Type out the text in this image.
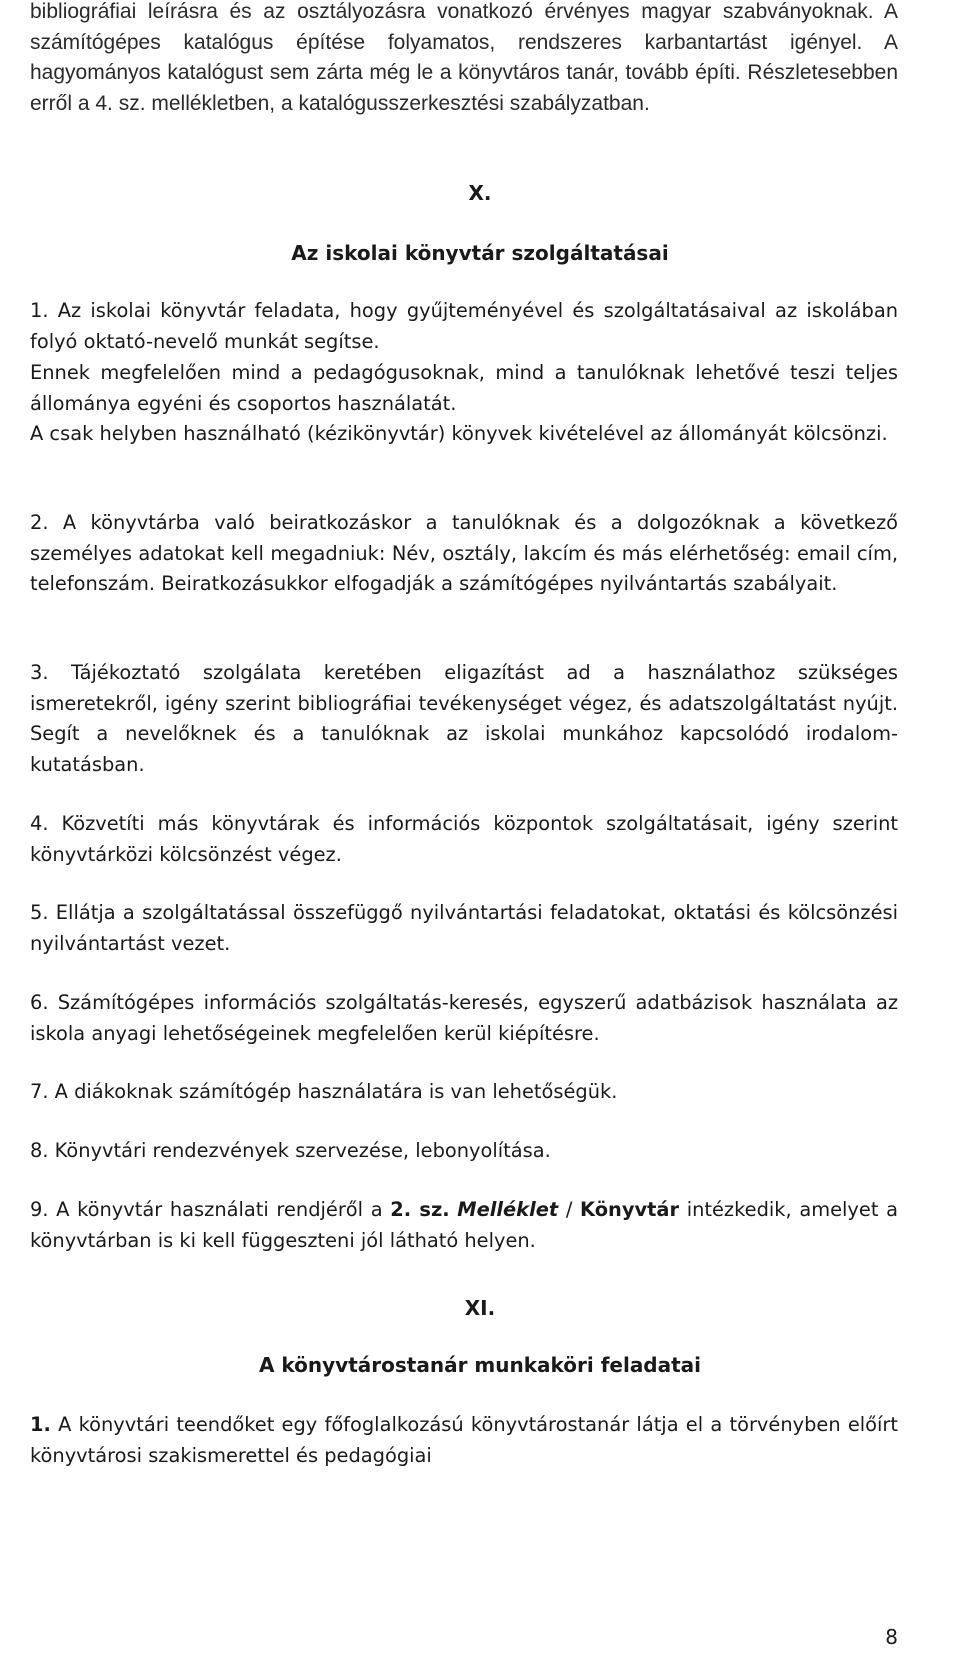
bibliográfiai leírásra és az osztályozásra vonatkozó érvényes magyar szabványoknak. A számítógépes katalógus építése folyamatos, rendszeres karbantartást igényel. A hagyományos katalógust sem zárta még le a könyvtáros tanár, tovább építi. Részletesebben erről a 4. sz. mellékletben, a katalógusszerkesztési szabályzatban.

X.

Az iskolai könyvtár szolgáltatásai

1. Az iskolai könyvtár feladata, hogy gyűjteményével és szolgáltatásaival az iskolában folyó oktató-nevelő munkát segítse.

Ennek megfelelően mind a pedagógusoknak, mind a tanulóknak lehetővé teszi teljes állománya egyéni és csoportos használatát.

A csak helyben használható (kézikönyvtár) könyvek kivételével az állományát kölcsönzi.

2. A könyvtárba való beiratkozáskor a tanulóknak és a dolgozóknak a következő személyes adatokat kell megadniuk: Név, osztály, lakcím és más elérhetőség: email cím, telefonszám. Beiratkozásukkor elfogadják a számítógépes nyilvántartás szabályait.

3. Tájékoztató szolgálata keretében eligazítást ad a használathoz szükséges ismeretekről, igény szerint bibliográfiai tevékenységet végez, és adatszolgáltatást nyújt. Segít a nevelőknek és a tanulóknak az iskolai munkához kapcsolódó irodalom-kutatásban.

4. Közvetíti más könyvtárak és információs központok szolgáltatásait, igény szerint könyvtárközi kölcsönzést végez.

5. Ellátja a szolgáltatással összefüggő nyilvántartási feladatokat, oktatási és kölcsönzési nyilvántartást vezet.

6. Számítógépes információs szolgáltatás-keresés, egyszerű adatbázisok használata az iskola anyagi lehetőségeinek megfelelően kerül kiépítésre.

7. A diákoknak számítógép használatára is van lehetőségük.

8. Könyvtári rendezvények szervezése, lebonyolítása.

9. A könyvtár használati rendjéről a 2. sz. Melléklet / Könyvtár intézkedik, amelyet a könyvtárban is ki kell függeszteni jól látható helyen.

XI.

A könyvtárostanár munkaköri feladatai

1. A könyvtári teendőket egy főfoglalkozású könyvtárostanár látja el a törvényben előírt könyvtárosi szakismerettel és pedagógiai

8
